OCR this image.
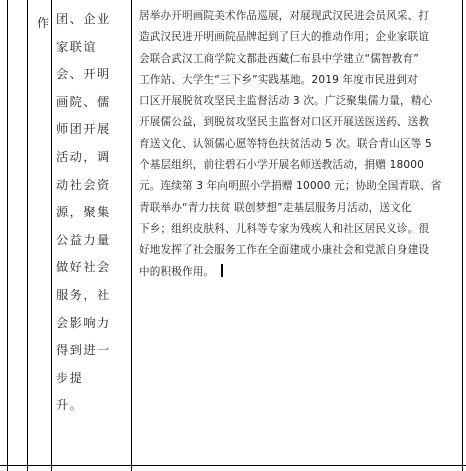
作 团、企业
家联谊
会、开明
画院、儒
师团开展
活动，调
动社会资
源，聚集
公益力量
做好社会
服务，社
会影响力
得到进一
步提
升。
居举办开明画院美术作品巡展，对展现武汉民进会员风采、打
造武汉民进开明画院品牌起到了巨大的推动作用；企业家联谊
会联合武汉工商学院文都赴西藏仁布县中学建立“儒智教育”
工作站、大学生“三下乡”实践基地。2019 年度市民进到对
口区开展脱贫攻坚民主监督活动 3 次。广泛聚集儒力量，精心
开展儒公益，到脱贫攻坚民主监督对口区开展送医送药、送教
育送文化、认领儒心愿等特色扶贫活动 5 次。联合青山区等 5
个基层组织，前往碧石小学开展名师送教活动，捐赠 18000
元。连续第 3 年向明照小学捐赠 10000 元；协助全国青联、省
青联举办“青力扶贫 联创梦想”走基层服务月活动，送文化
下乡；组织皮肤科、儿科等专家为残疾人和社区居民义诊。很
好地发挥了社会服务工作在全面建成小康社会和党派自身建设
中的积极作用。
